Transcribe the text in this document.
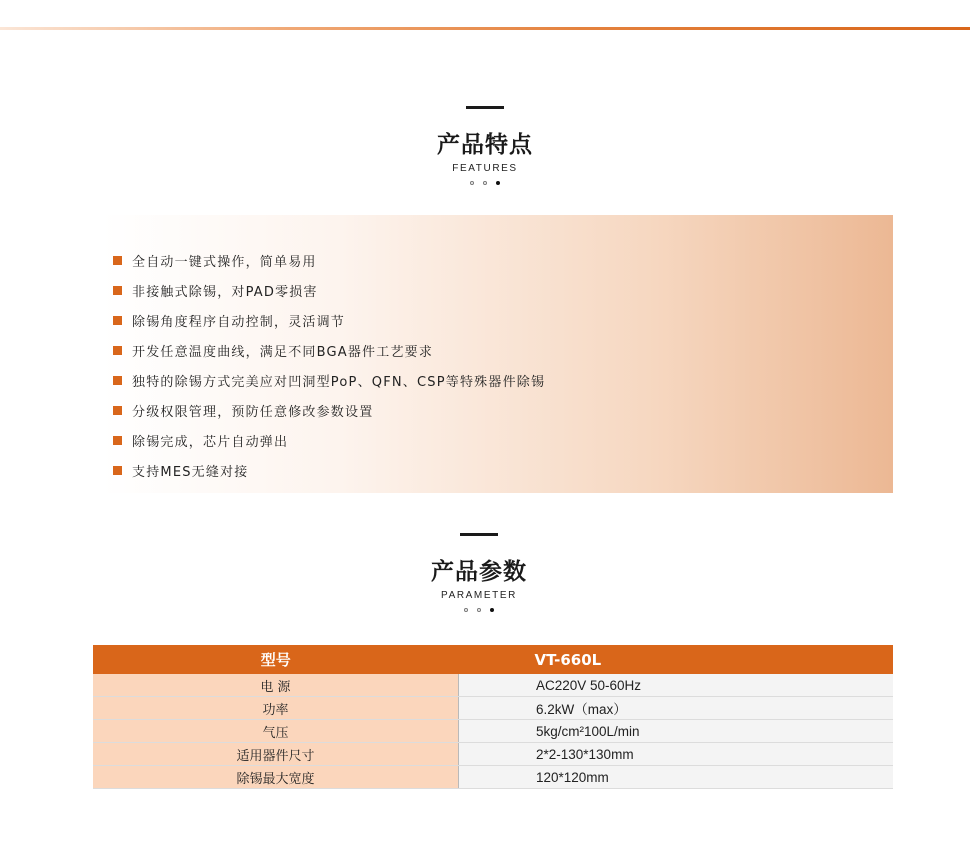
产品特点
FEATURES
全自动一键式操作，简单易用
非接触式除锡，对PAD零损害
除锡角度程序自动控制，灵活调节
开发任意温度曲线，满足不同BGA器件工艺要求
独特的除锡方式完美应对凹洞型PoP、QFN、CSP等特殊器件除锡
分级权限管理，预防任意修改参数设置
除锡完成，芯片自动弹出
支持MES无缝对接
产品参数
PARAMETER
型号	VT-660L
电 源	AC220V 50-60Hz
功率	6.2kW（max）
气压	5kg/cm²100L/min
适用器件尺寸	2*2-130*130mm
除锡最大宽度	120*120mm
